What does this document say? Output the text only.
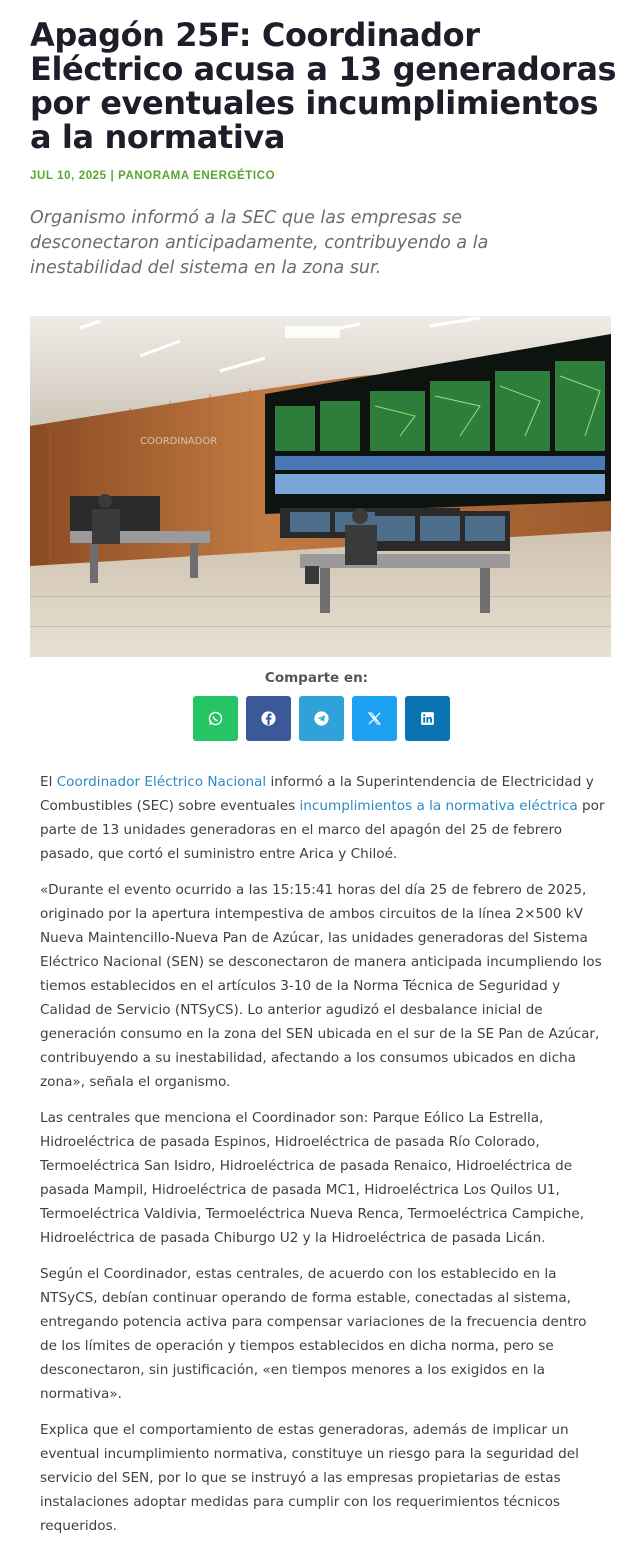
Apagón 25F: Coordinador Eléctrico acusa a 13 generadoras por eventuales incumplimientos a la normativa
JUL 10, 2025 | PANORAMA ENERGÉTICO
Organismo informó a la SEC que las empresas se desconectaron anticipadamente, contribuyendo a la inestabilidad del sistema en la zona sur.
COORDINADOR
Comparte en:

El Coordinador Eléctrico Nacional informó a la Superintendencia de Electricidad y Combustibles (SEC) sobre eventuales incumplimientos a la normativa eléctrica por parte de 13 unidades generadoras en el marco del apagón del 25 de febrero pasado, que cortó el suministro entre Arica y Chiloé.

«Durante el evento ocurrido a las 15:15:41 horas del día 25 de febrero de 2025, originado por la apertura intempestiva de ambos circuitos de la línea 2×500 kV Nueva Maintencillo-Nueva Pan de Azúcar, las unidades generadoras del Sistema Eléctrico Nacional (SEN) se desconectaron de manera anticipada incumpliendo los tiemos establecidos en el artículos 3-10 de la Norma Técnica de Seguridad y Calidad de Servicio (NTSyCS). Lo anterior agudizó el desbalance inicial de generación consumo en la zona del SEN ubicada en el sur de la SE Pan de Azúcar, contribuyendo a su inestabilidad, afectando a los consumos ubicados en dicha zona», señala el organismo.

Las centrales que menciona el Coordinador son: Parque Eólico La Estrella, Hidroeléctrica de pasada Espinos, Hidroeléctrica de pasada Río Colorado, Termoeléctrica San Isidro, Hidroeléctrica de pasada Renaico, Hidroeléctrica de pasada Mampil, Hidroeléctrica de pasada MC1, Hidroeléctrica Los Quilos U1, Termoeléctrica Valdivia, Termoeléctrica Nueva Renca, Termoeléctrica Campiche, Hidroeléctrica de pasada Chiburgo U2 y la Hidroeléctrica de pasada Licán.

Según el Coordinador, estas centrales, de acuerdo con los establecido en la NTSyCS, debían continuar operando de forma estable, conectadas al sistema, entregando potencia activa para compensar variaciones de la frecuencia dentro de los límites de operación y tiempos establecidos en dicha norma, pero se desconectaron, sin justificación, «en tiempos menores a los exigidos en la normativa».

Explica que el comportamiento de estas generadoras, además de implicar un eventual incumplimiento normativa, constituye un riesgo para la seguridad del servicio del SEN, por lo que se instruyó a las empresas propietarias de estas instalaciones adoptar medidas para cumplir con los requerimientos técnicos requeridos.
